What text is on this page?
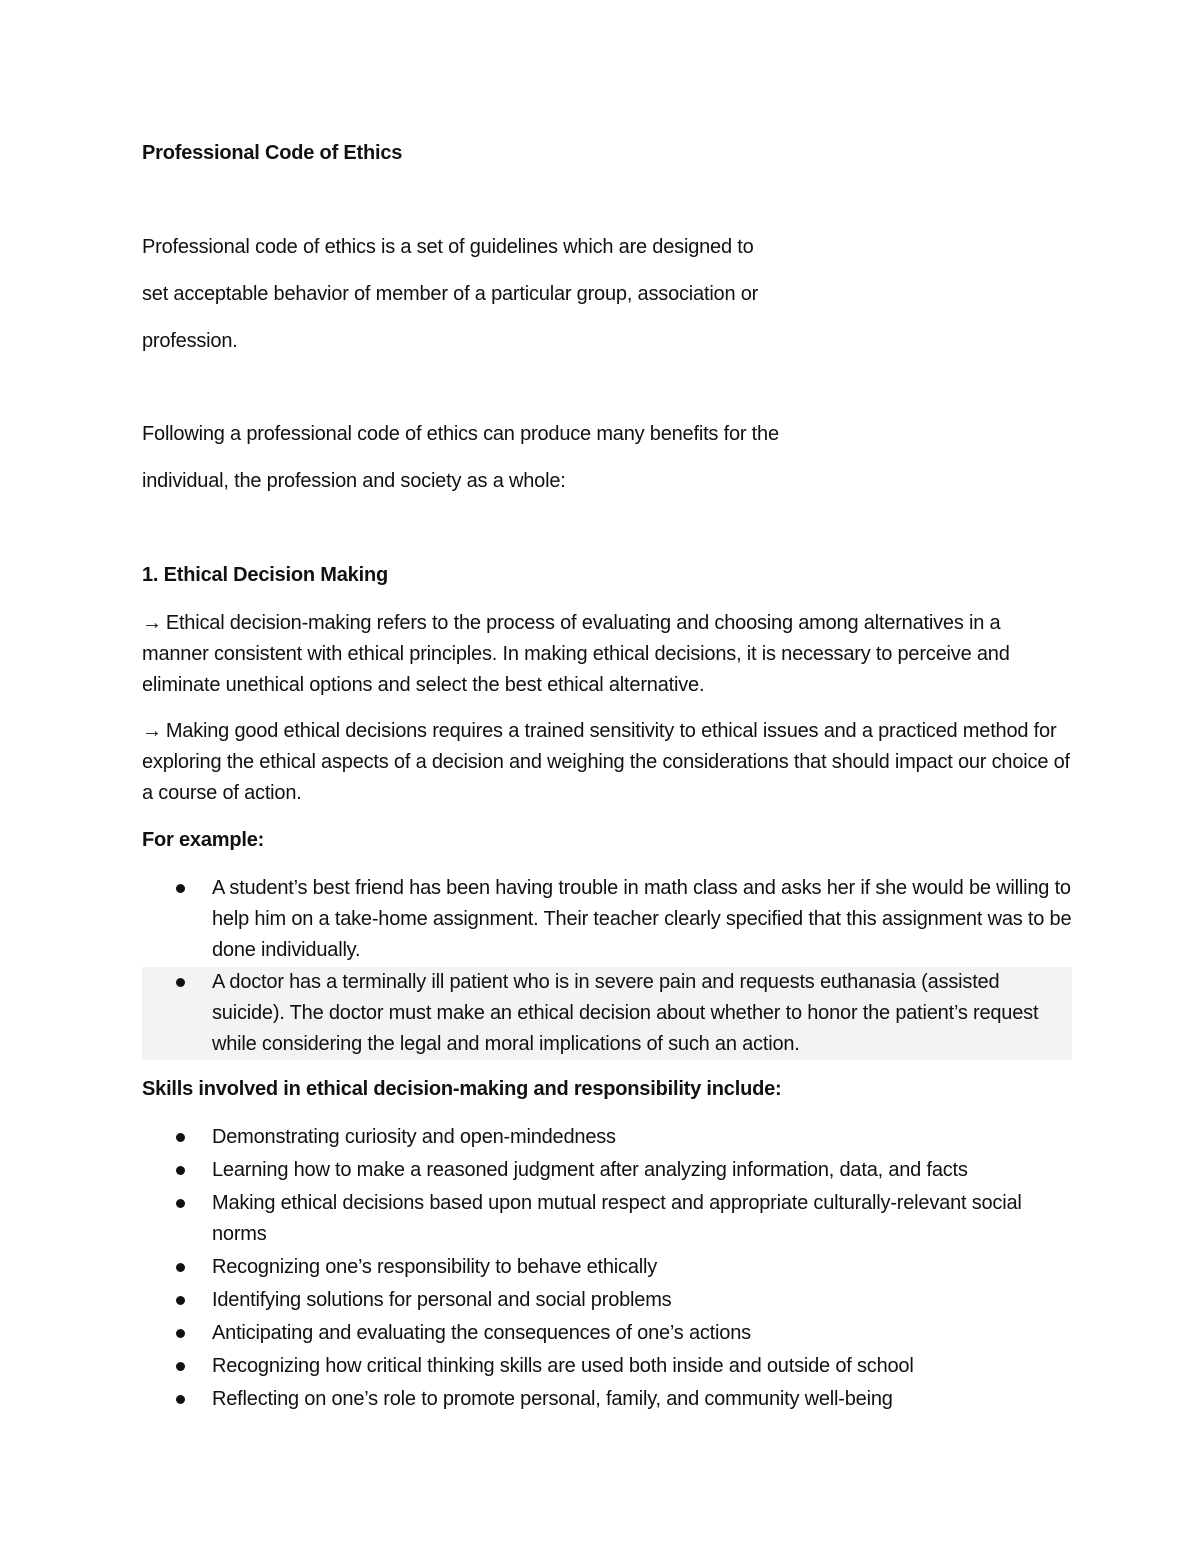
Professional Code of Ethics

Professional code of ethics is a set of guidelines which are designed to

set acceptable behavior of member of a particular group, association or

profession.

Following a professional code of ethics can produce many benefits for the

individual, the profession and society as a whole:

1. Ethical Decision Making

→ Ethical decision-making refers to the process of evaluating and choosing among alternatives in a manner consistent with ethical principles. In making ethical decisions, it is necessary to perceive and eliminate unethical options and select the best ethical alternative.

→ Making good ethical decisions requires a trained sensitivity to ethical issues and a practiced method for exploring the ethical aspects of a decision and weighing the considerations that should impact our choice of a course of action.

For example:

A student’s best friend has been having trouble in math class and asks her if she would be willing to help him on a take-home assignment. Their teacher clearly specified that this assignment was to be done individually.
A doctor has a terminally ill patient who is in severe pain and requests euthanasia (assisted suicide). The doctor must make an ethical decision about whether to honor the patient’s request while considering the legal and moral implications of such an action.

Skills involved in ethical decision-making and responsibility include:

Demonstrating curiosity and open-mindedness
Learning how to make a reasoned judgment after analyzing information, data, and facts
Making ethical decisions based upon mutual respect and appropriate culturally-relevant social norms
Recognizing one’s responsibility to behave ethically
Identifying solutions for personal and social problems
Anticipating and evaluating the consequences of one’s actions
Recognizing how critical thinking skills are used both inside and outside of school
Reflecting on one’s role to promote personal, family, and community well-being
